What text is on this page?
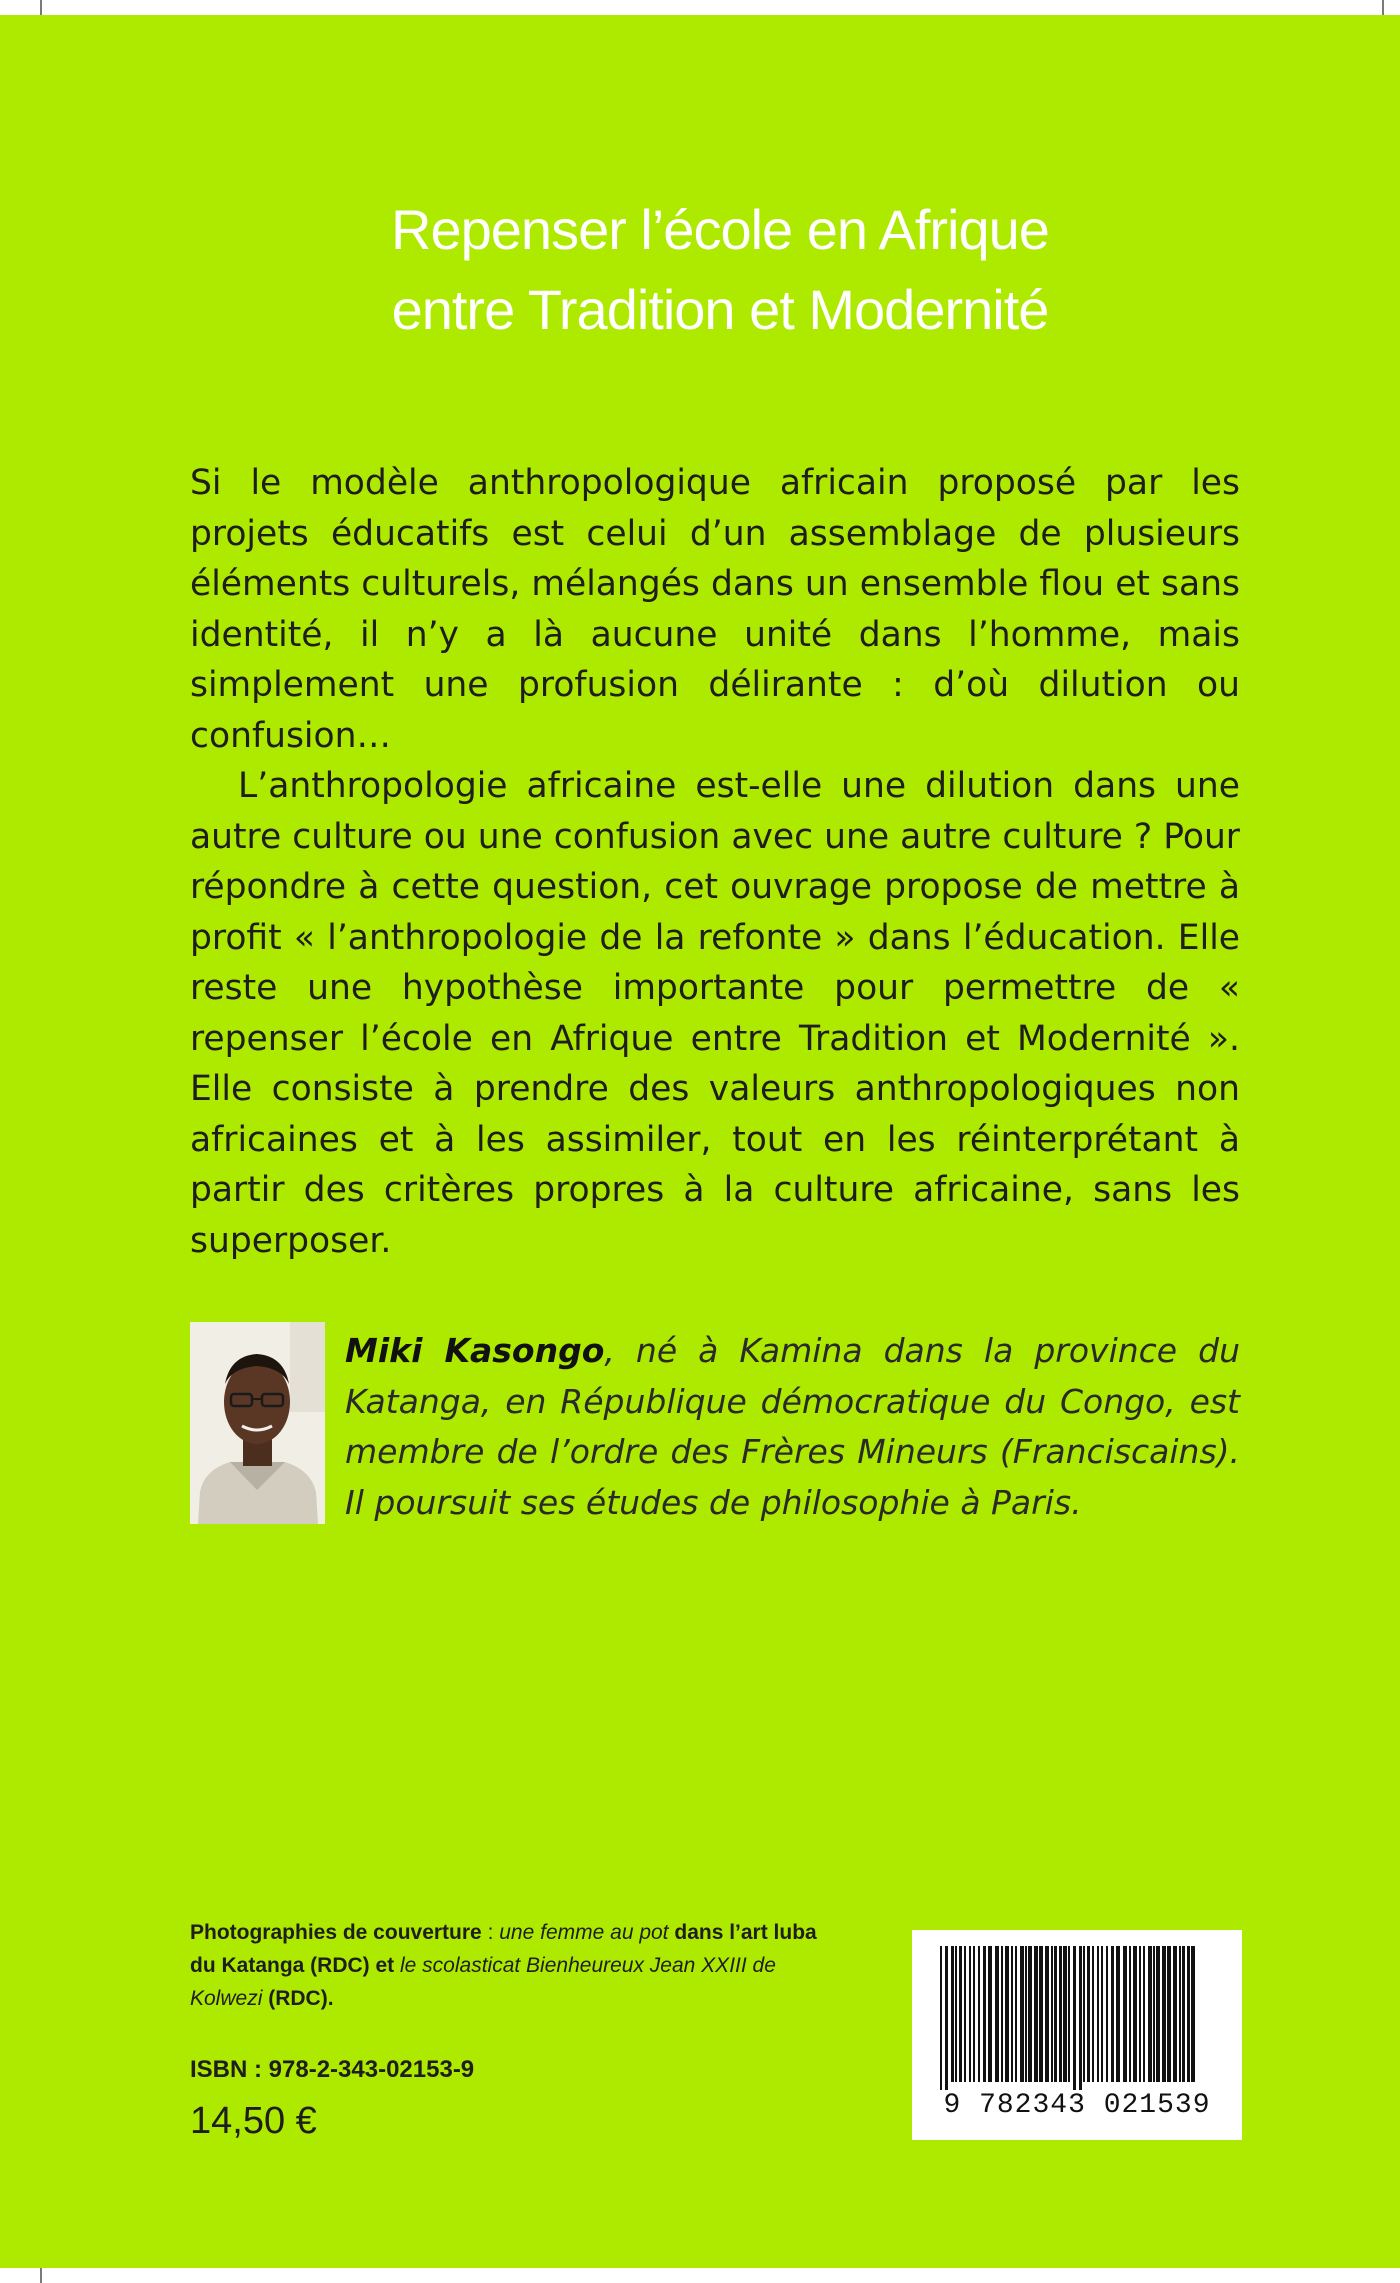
Repenser l’école en Afrique
entre Tradition et Modernité

Si le modèle anthropologique africain proposé par les projets éducatifs est celui d’un assemblage de plusieurs éléments culturels, mélangés dans un ensemble flou et sans identité, il n’y a là aucune unité dans l’homme, mais simplement une profusion délirante : d’où dilution ou confusion…

L’anthropologie africaine est-elle une dilution dans une autre culture ou une confusion avec une autre culture ? Pour répondre à cette question, cet ouvrage propose de mettre à profit « l’anthropologie de la refonte » dans l’éducation. Elle reste une hypothèse importante pour permettre de « repenser l’école en Afrique entre Tradition et Modernité ». Elle consiste à prendre des valeurs anthropologiques non africaines et à les assimiler, tout en les réinterprétant à partir des critères propres à la culture africaine, sans les superposer.

Miki Kasongo, né à Kamina dans la province du Katanga, en République démocratique du Congo, est membre de l’ordre des Frères Mineurs (Franciscains). Il poursuit ses études de philosophie à Paris.
Photographies de couverture : une femme au pot dans l’art luba du Katanga (RDC) et le scolasticat Bienheureux Jean XXIII de Kolwezi (RDC).
ISBN : 978-2-343-02153-9
14,50 €	9 782343 021539
